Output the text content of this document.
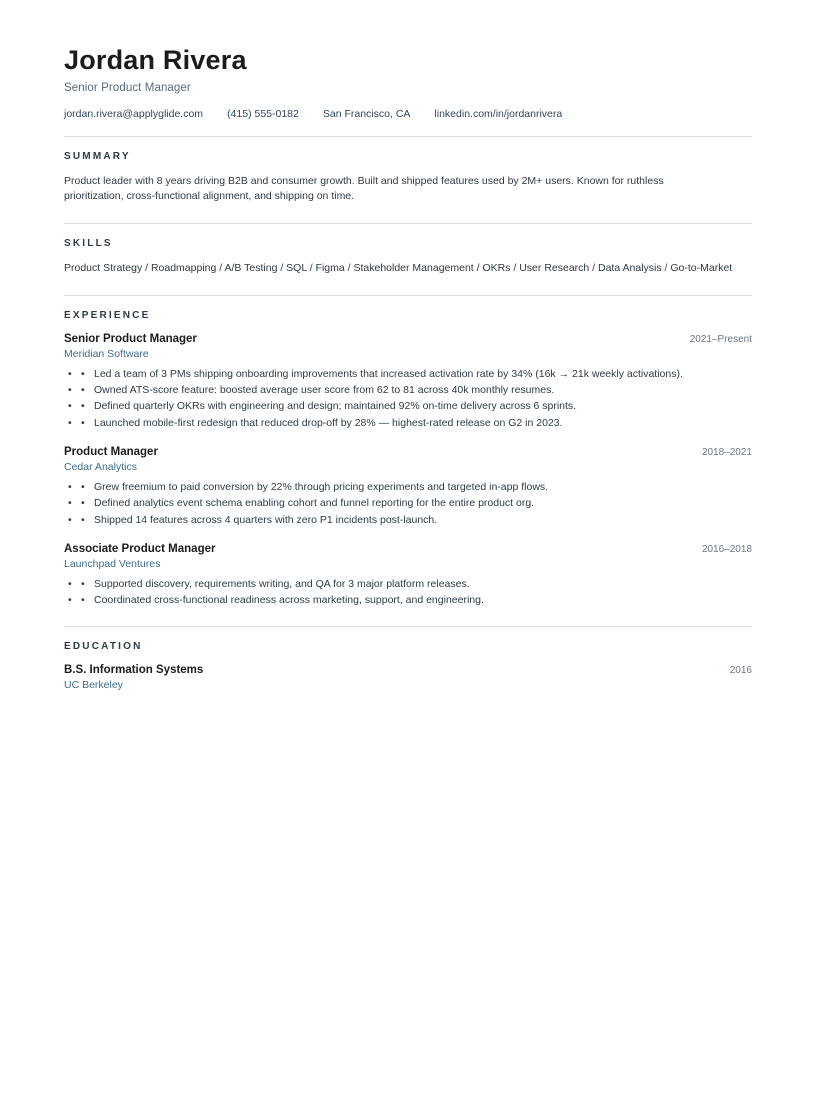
Jordan Rivera
Senior Product Manager
jordan.rivera@applyglide.com (415) 555-0182 San Francisco, CA linkedin.com/in/jordanrivera
SUMMARY

Product leader with 8 years driving B2B and consumer growth. Built and shipped features used by 2M+ users. Known for ruthless prioritization, cross-functional alignment, and shipping on time.

SKILLS

Product Strategy / Roadmapping / A/B Testing / SQL / Figma / Stakeholder Management / OKRs / User Research / Data Analysis / Go-to-Market

EXPERIENCE
Senior Product Manager	2021–Present
Meridian Software
• Led a team of 3 PMs shipping onboarding improvements that increased activation rate by 34% (16k → 21k weekly activations). •
• Owned ATS-score feature: boosted average user score from 62 to 81 across 40k monthly resumes. •
• Defined quarterly OKRs with engineering and design; maintained 92% on-time delivery across 6 sprints. •
• Launched mobile-first redesign that reduced drop-off by 28% — highest-rated release on G2 in 2023. •
Product Manager	2018–2021
Cedar Analytics
• Grew freemium to paid conversion by 22% through pricing experiments and targeted in-app flows. •
• Defined analytics event schema enabling cohort and funnel reporting for the entire product org. •
• Shipped 14 features across 4 quarters with zero P1 incidents post-launch. •
Associate Product Manager	2016–2018
Launchpad Ventures
• Supported discovery, requirements writing, and QA for 3 major platform releases. •
• Coordinated cross-functional readiness across marketing, support, and engineering. •
EDUCATION
B.S. Information Systems	2016
UC Berkeley
